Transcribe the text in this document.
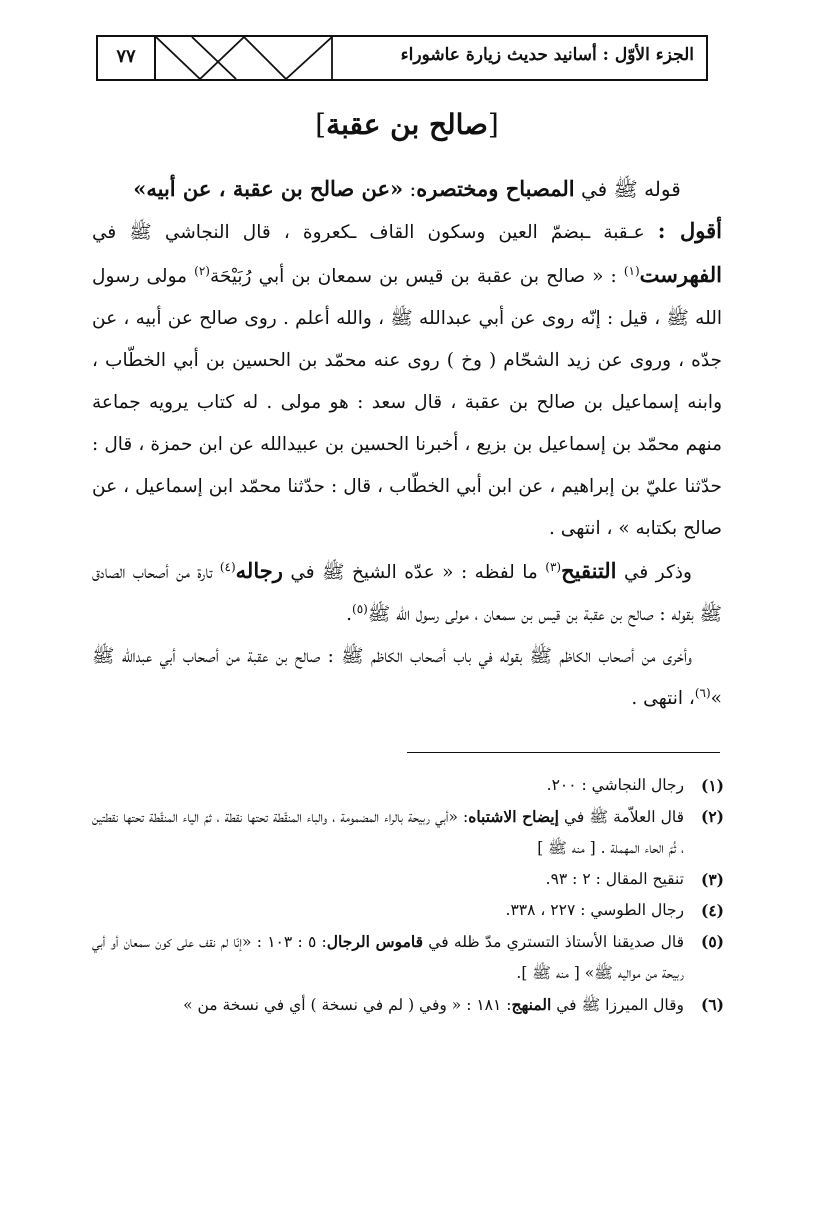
الجزء الأوّل : أسانيد حديث زيارة عاشوراء
٧٧
[صالح بن عقبة]

قوله ﷺ في المصباح ومختصره: «عن صالح بن عقبة ، عن أبيه»

أقول : عـقبة ـبضمّ العين وسكون القاف ـكعروة ، قال النجاشي ﷺ في الفهرست$^{(١)}$ : « صالح بن عقبة بن قيس بن سمعان بن أبي رُبَيْحَة$^{(٢)}$ مولى رسول الله ﷺ ، قيل : إنّه روى عن أبي عبدالله ﷺ ، والله أعلم . روى صالح عن أبيه ، عن جدّه ، وروى عن زيد الشحّام ( وخ ) روى عنه محمّد بن الحسين بن أبي الخطّاب ، وابنه إسماعيل بن صالح بن عقبة ، قال سعد : هو مولى . له كتاب يرويه جماعة منهم محمّد بن إسماعيل بن بزيع ، أخبرنا الحسين بن عبيدالله عن ابن حمزة ، قال : حدّثنا عليّ بن إبراهيم ، عن ابن أبي الخطّاب ، قال : حدّثنا محمّد ابن إسماعيل ، عن صالح بكتابه » ، انتهى .

وذكر في التنقيح$^{(٣)}$ ما لفظه : « عدّه الشيخ ﷺ في رجاله$^{(٤)}$ تارة من أصحاب الصادق ﷺ بقوله : صالح بن عقبة بن قيس بن سمعان ، مولى رسول الله ﷺ$^{(٥)}$.

وأخرى من أصحاب الكاظم ﷺ بقوله في باب أصحاب الكاظم ﷺ : صالح بن عقبة من أصحاب أبي عبدالله ﷺ »$^{(٦)}$، انتهى .

(١)
رجال النجاشي : ٢٠٠.
(٢)
قال العلاّمة ﷺ في إيضاح الاشتباه: «أبي ربيحة بالراء المضمومة ، والباء المنقّطة تحتها نقطة ، ثمّ الياء المنقّطة تحتها نقطتين ، ثُمّ الحاء المهملة . [ منه ﷺ ]
(٣)
تنقيح المقال : ٢ : ٩٣.
(٤)
رجال الطوسي : ٢٢٧ ، ٣٣٨.
(٥)
قال صديقنا الأستاذ التستري مدّ ظله في قاموس الرجال: ٥ : ١٠٣ : «إنّا لم نقف على كون سمعان أو أبي ربيحة من مواليه ﷺ» [ منه ﷺ ].
(٦)
وقال الميرزا ﷺ في المنهج: ١٨١ : « وفي ( لم في نسخة ) أي في نسخة من »
